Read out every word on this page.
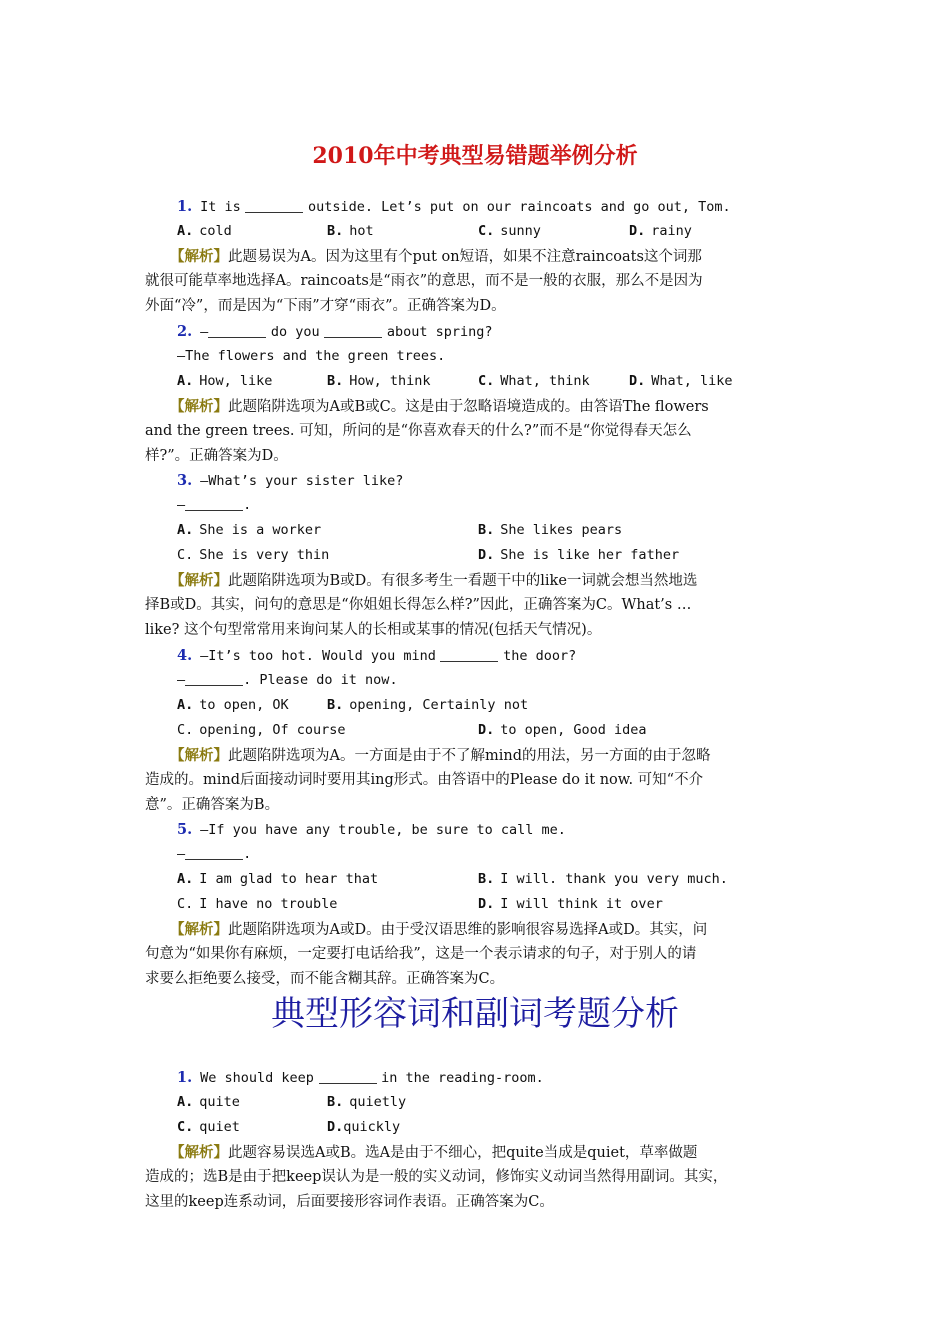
2010年中考典型易错题举例分析
1. It is	outside. Let’s put on our raincoats and go out, Tom.
A. cold	B. hot	C. sunny	D. rainy
【解析】此题易误为A。因为这里有个put on短语，如果不注意raincoats这个词那
就很可能草率地选择A。raincoats是“雨衣”的意思，而不是一般的衣服，那么不是因为
外面“冷”，而是因为“下雨”才穿“雨衣”。正确答案为D。
2. —	do you	about spring?
—The flowers and the green trees.
A. How, like	B. How, think	C. What, think	D. What, like
【解析】此题陷阱选项为A或B或C。这是由于忽略语境造成的。由答语The flowers
and the green trees. 可知，所问的是“你喜欢春天的什么?”而不是“你觉得春天怎么
样?”。正确答案为D。
3. —What’s your sister like?
—	.
A. She is a worker	B. She likes pears
C. She is very thin	D. She is like her father
【解析】此题陷阱选项为B或D。有很多考生一看题干中的like一词就会想当然地选
择B或D。其实，问句的意思是“你姐姐长得怎么样?”因此，正确答案为C。What’s …
like? 这个句型常常用来询问某人的长相或某事的情况(包括天气情况)。
4. —It’s too hot. Would you mind	the door?
—	. Please do it now.
A. to open, OK	B. opening, Certainly not
C. opening, Of course	D. to open, Good idea
【解析】此题陷阱选项为A。一方面是由于不了解mind的用法，另一方面的由于忽略
造成的。mind后面接动词时要用其ing形式。由答语中的Please do it now. 可知“不介
意”。正确答案为B。
5. —If you have any trouble, be sure to call me.
—	.
A. I am glad to hear that	B. I will. thank you very much.
C. I have no trouble	D. I will think it over
【解析】此题陷阱选项为A或D。由于受汉语思维的影响很容易选择A或D。其实，问
句意为“如果你有麻烦，一定要打电话给我”，这是一个表示请求的句子，对于别人的请
求要么拒绝要么接受，而不能含糊其辞。正确答案为C。
典型形容词和副词考题分析
1. We should keep	in the reading-room.
A. quite	B. quietly
C. quiet	D.quickly
【解析】此题容易误选A或B。选A是由于不细心，把quite当成是quiet，草率做题
造成的；选B是由于把keep误认为是一般的实义动词，修饰实义动词当然得用副词。其实，
这里的keep连系动词，后面要接形容词作表语。正确答案为C。
